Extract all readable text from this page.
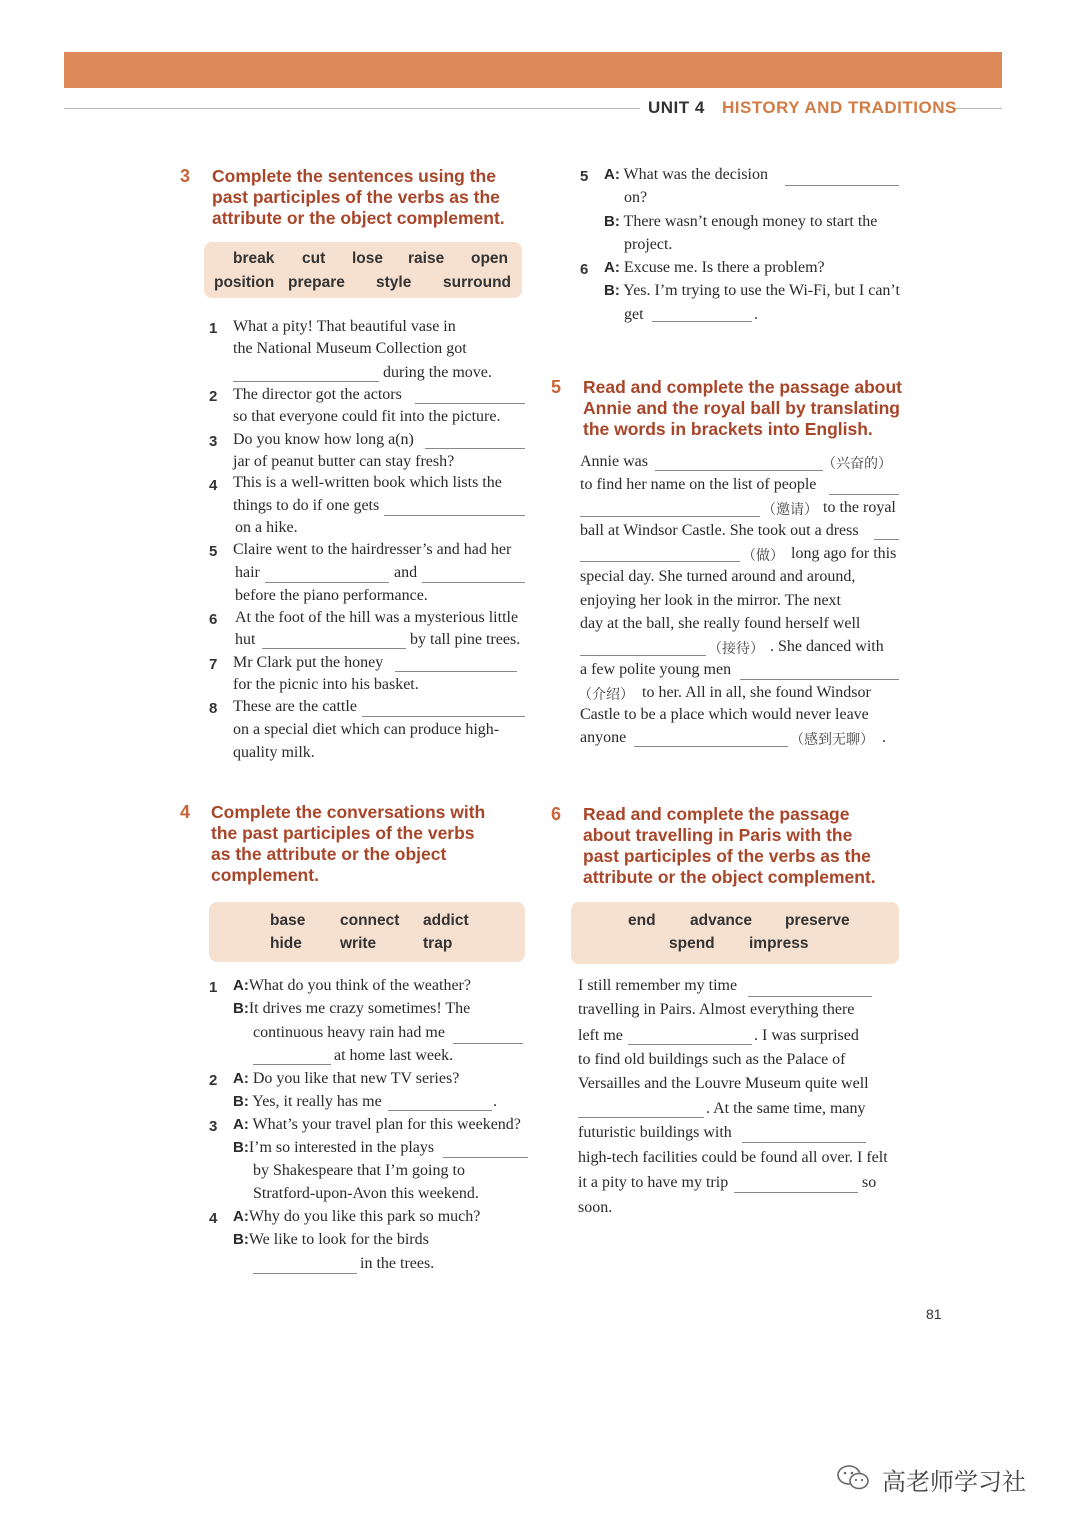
UNIT 4 HISTORY AND TRADITIONS
3 Complete the sentences using the
past participles of the verbs as the
attribute or the object complement.
break cut lose raise open
position prepare style surround
1 What a pity! That beautiful vase in
the National Museum Collection got
during the move.
2 The director got the actors
so that everyone could fit into the picture.
3 Do you know how long a(n)
jar of peanut butter can stay fresh?
4 This is a well-written book which lists the
things to do if one gets
on a hike.
5 Claire went to the hairdresser’s and had her
hair	and
before the piano performance.
6 At the foot of the hill was a mysterious little
hut	by tall pine trees.
7 Mr Clark put the honey
for the picnic into his basket.
8 These are the cattle
on a special diet which can produce high-
quality milk.
4 Complete the conversations with
the past participles of the verbs
as the attribute or the object
complement.
base connect addict
hide write	trap
1 A:What do you think of the weather?
B:It drives me crazy sometimes! The
continuous heavy rain had me
at home last week.
2 A: Do you like that new TV series?
B: Yes, it really has me	.
3 A: What’s your travel plan for this weekend?
B:I’m so interested in the plays
by Shakespeare that I’m going to
Stratford-upon-Avon this weekend.
4 A:Why do you like this park so much?
B:We like to look for the birds
in the trees.
5 A: What was the decision
on?
B: There wasn’t enough money to start the
project.
6 A: Excuse me. Is there a problem?
B: Yes. I’m trying to use the Wi-Fi, but I can’t
get	.
5 Read and complete the passage about
Annie and the royal ball by translating
the words in brackets into English.
Annie was	（兴奋的）
to find her name on the list of people
（邀请） to the royal
ball at Windsor Castle. She took out a dress
（做） long ago for this
special day. She turned around and around,
enjoying her look in the mirror. The next
day at the ball, she really found herself well
（接待） . She danced with
a few polite young men
（介绍） to her. All in all, she found Windsor
Castle to be a place which would never leave
anyone	（感到无聊） .
6 Read and complete the passage
about travelling in Paris with the
past participles of the verbs as the
attribute or the object complement.
end advance preserve
spend impress
I still remember my time
travelling in Pairs. Almost everything there
left me	. I was surprised
to find old buildings such as the Palace of
Versailles and the Louvre Museum quite well
. At the same time, many
futuristic buildings with
high-tech facilities could be found all over. I felt
it a pity to have my trip	so
soon.
81
高老师学习社
